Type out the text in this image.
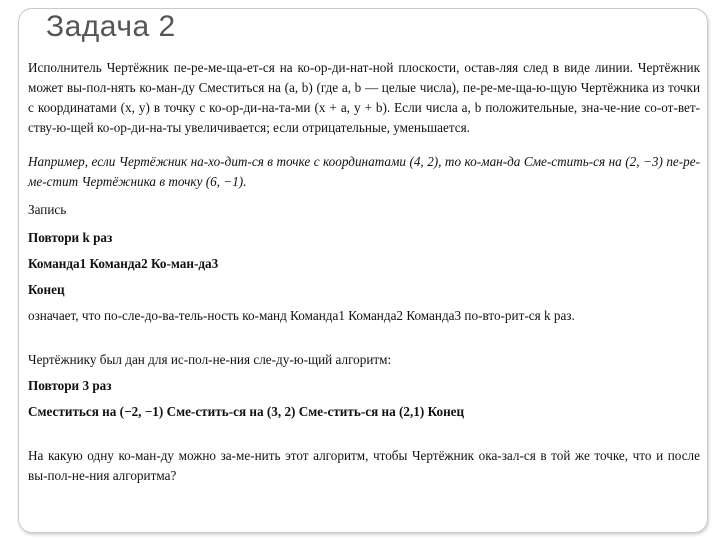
Задача 2

Исполнитель Чертёжник пе-ре-ме-ща-ет-ся на ко-ор-ди-нат-ной плоскости, остав-ляя след в виде линии. Чертёжник может вы-пол-нять ко-ман-ду Сместиться на (a, b) (где a, b — целые числа), пе-ре-ме-ща-ю-щую Чертёжника из точки с координатами (x, y) в точку с ко-ор-ди-на-та-ми (x + a, y + b). Если числа a, b положительные, зна-че-ние со-от-вет-ству-ю-щей ко-ор-ди-на-ты увеличивается; если отрицательные, уменьшается.

Например, если Чертёжник на-хо-дит-ся в точке с координатами (4, 2), то ко-ман-да Сме-стить-ся на (2, −3) пе-ре-ме-стит Чертёжника в точку (6, −1).

Запись

Повтори k раз

Команда1 Команда2 Ко-ман-да3

Конец

означает, что по-сле-до-ва-тель-ность ко-манд Команда1 Команда2 Команда3 по-вто-рит-ся k раз.

Чертёжнику был дан для ис-пол-не-ния сле-ду-ю-щий алгоритм:

Повтори 3 раз

Сместиться на (−2, −1) Сме-стить-ся на (3, 2) Сме-стить-ся на (2,1) Конец

На какую одну ко-ман-ду можно за-ме-нить этот алгоритм, чтобы Чертёжник ока-зал-ся в той же точке, что и после вы-пол-не-ния алгоритма?
